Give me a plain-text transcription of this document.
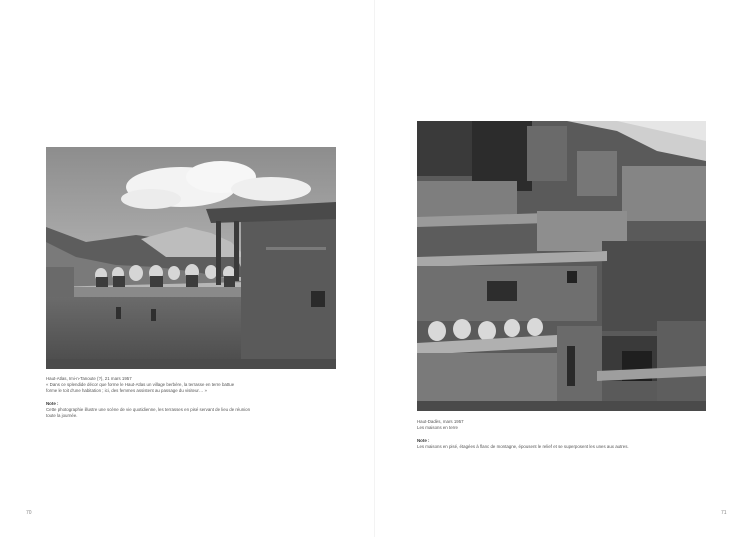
Haut-Atlas, Imi-n-Tanoute (?), 21 mars 1957
« Dans ce splendide décor que forme le Haut-Atlas un village berbère, la terrasse en terre battue
forme le toit d'une habitation ; ici, des femmes assistent au passage du visiteur… »
Note :
Cette photographie illustre une scène de vie quotidienne, les terrasses en pisé servant de lieu de réunion
toute la journée.
70
Haut-Dadès, mars 1957
Les maisons en terre
Note :
Les maisons en pisé, étagées à flanc de montagne, épousent le relief et se superposent les unes aux autres.
71
